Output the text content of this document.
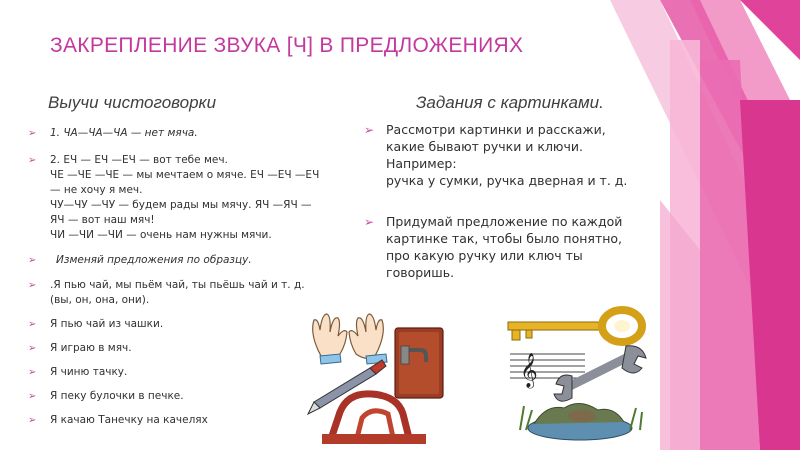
ЗАКРЕПЛЕНИЕ ЗВУКА [Ч] В ПРЕДЛОЖЕНИЯХ
Выучи чистоговорки	Задания с картинками.
➢ 1. ЧА—ЧА—ЧА — нет мяча.
➢ 2. ЕЧ — ЕЧ —ЕЧ — вот тебе меч.
ЧЕ —ЧЕ —ЧЕ — мы мечтаем о мяче. ЕЧ —ЕЧ —ЕЧ
— не хочу я меч.
ЧУ—ЧУ —ЧУ — будем рады мы мячу. ЯЧ —ЯЧ —
ЯЧ — вот наш мяч!
ЧИ —ЧИ —ЧИ — очень нам нужны мячи.
➢ Изменяй предложения по образцу.
➢ .Я пью чай, мы пьём чай, ты пьёшь чай и т. д.
(вы, он, она, они).
➢ Я пью чай из чашки.
➢ Я играю в мяч.
➢ Я чиню тачку.
➢ Я пеку булочки в печке.
➢ Я качаю Танечку на качелях
➢ Рассмотри картинки и расскажи,
какие бывают ручки и ключи.
Например:
ручка у сумки, ручка дверная и т. д.
➢ Придумай предложение по каждой
картинке так, чтобы было понятно,
про какую ручку или ключ ты
говоришь.
𝄞
